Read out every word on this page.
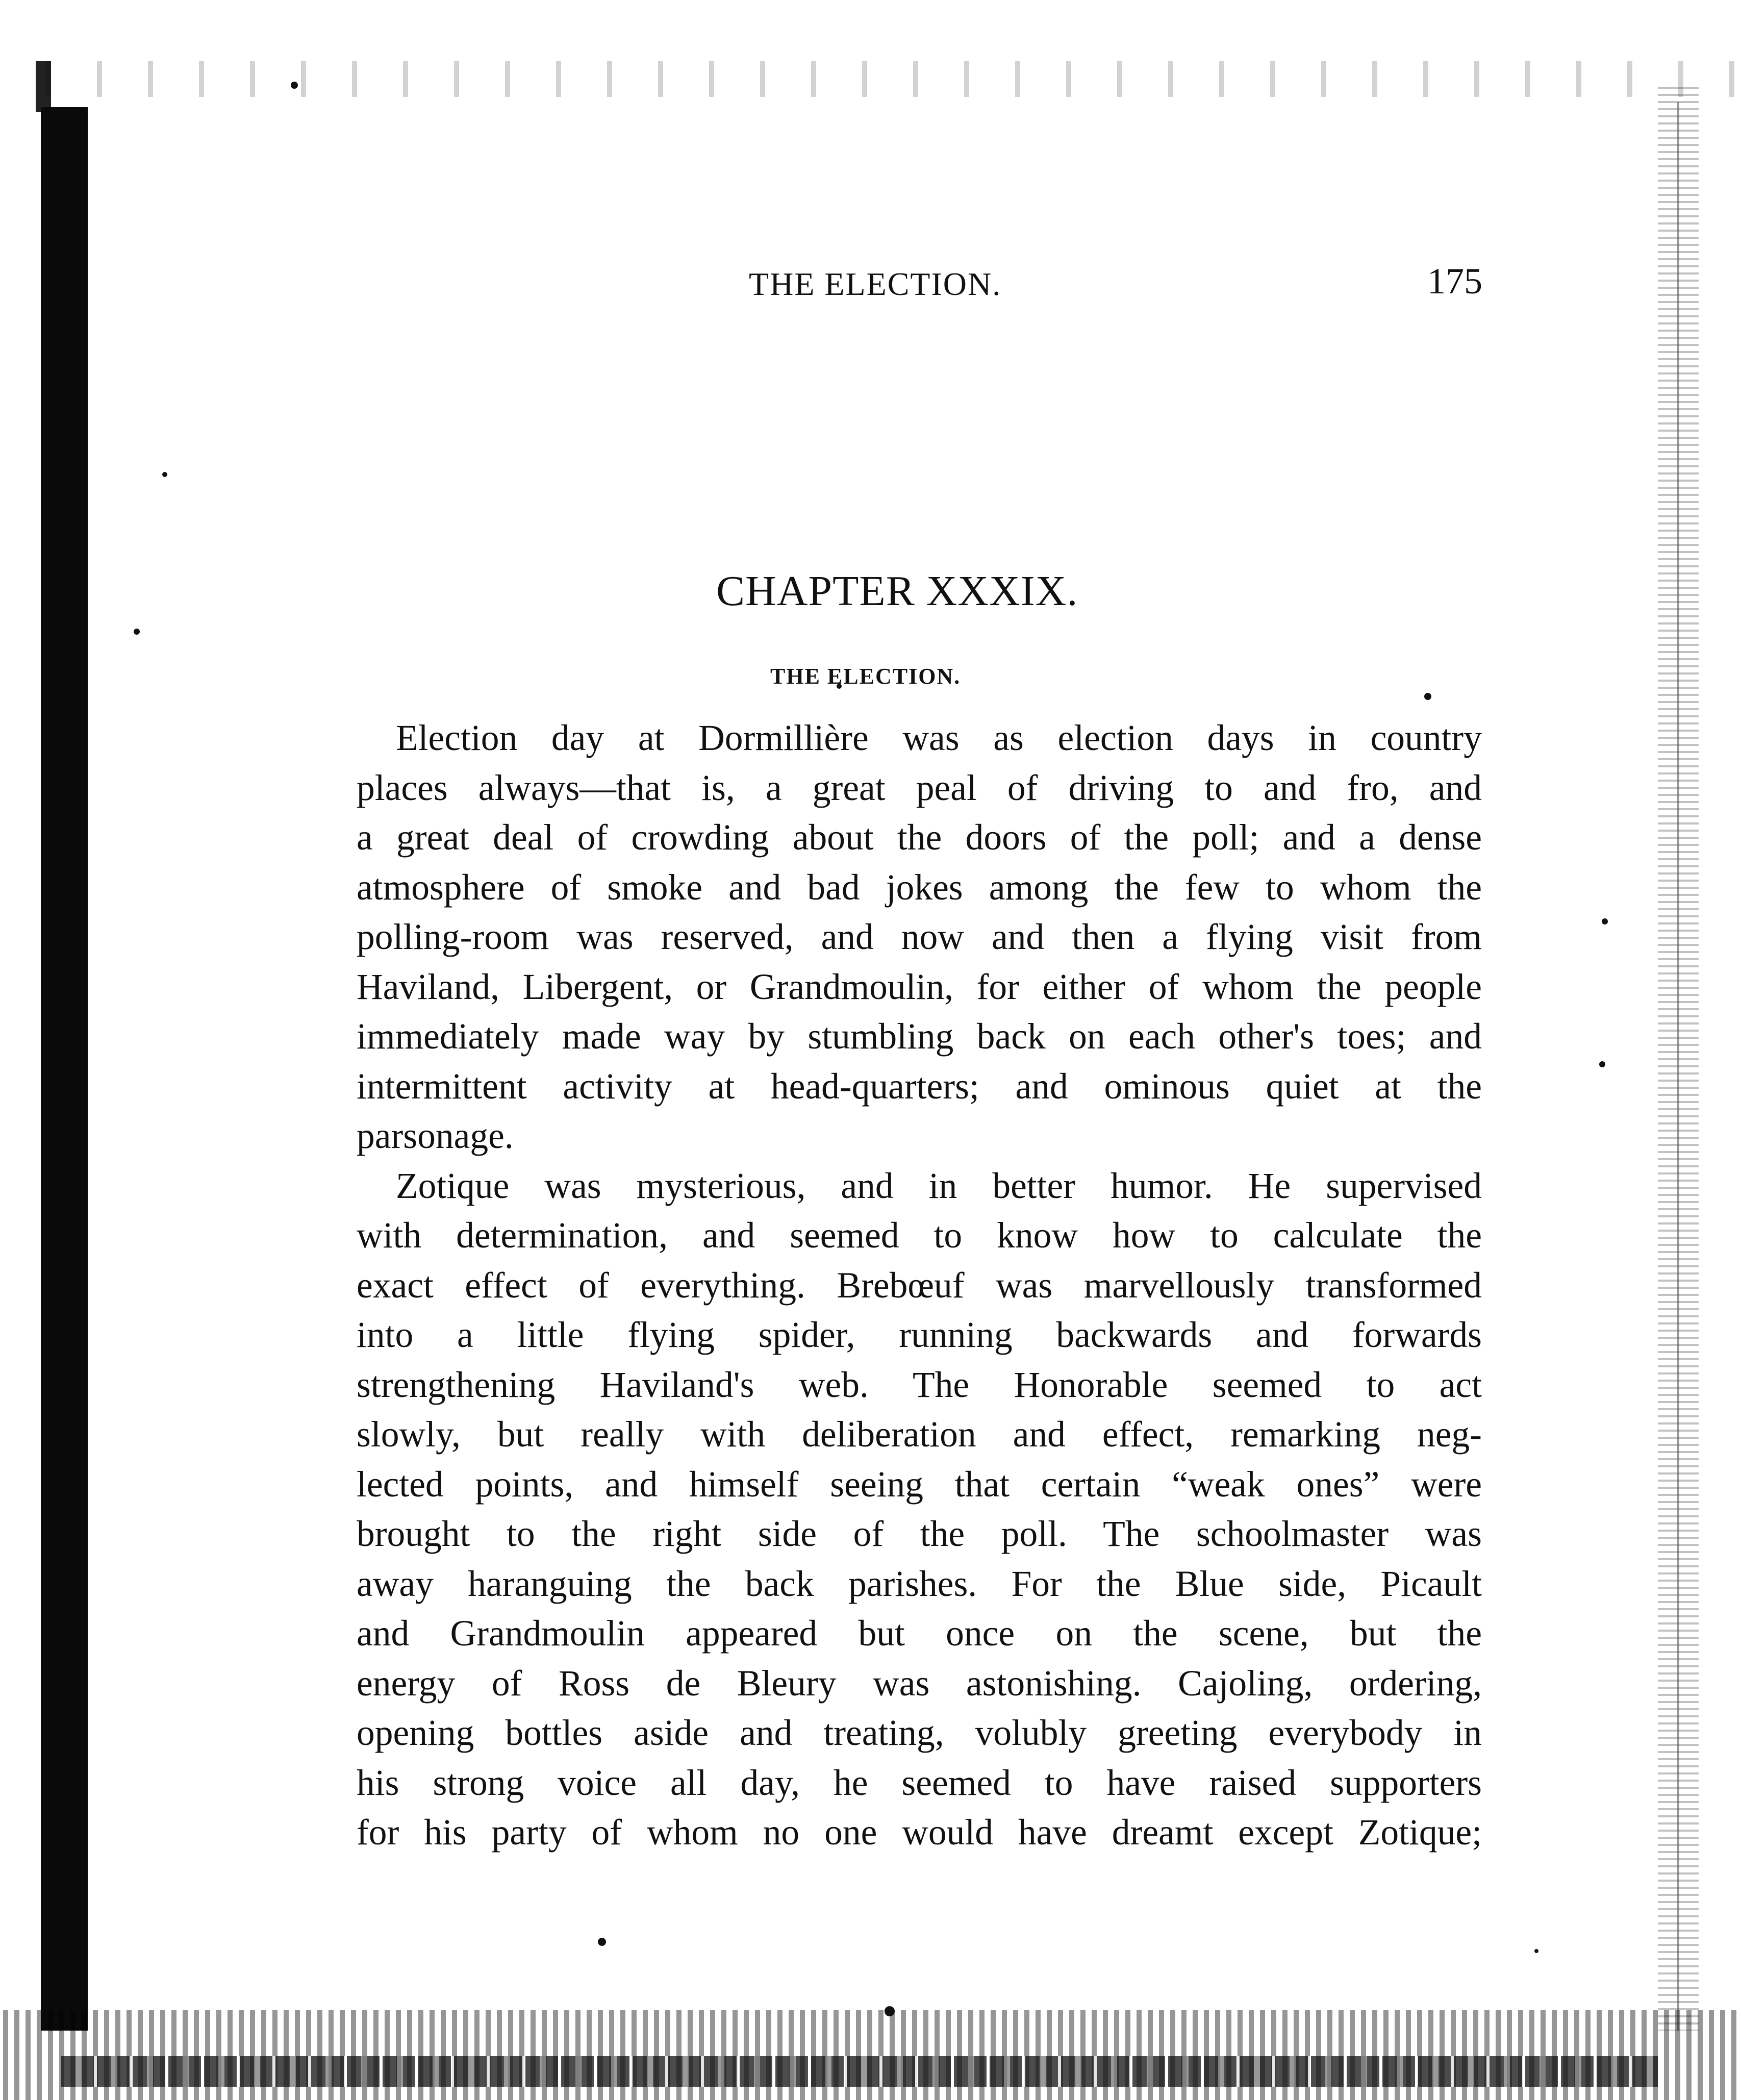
THE ELECTION.	175
CHAPTER XXXIX.
THE ELECTION.
Election day at Dormillière was as election days in country
places always—that is, a great peal of driving to and fro, and
a great deal of crowding about the doors of the poll; and a dense
atmosphere of smoke and bad jokes among the few to whom the
polling-room was reserved, and now and then a flying visit from
Haviland, Libergent, or Grandmoulin, for either of whom the people
immediately made way by stumbling back on each other's toes; and
intermittent activity at head-quarters; and ominous quiet at the
parsonage.
Zotique was mysterious, and in better humor. He supervised
with determination, and seemed to know how to calculate the
exact effect of everything. Brebœuf was marvellously transformed
into a little flying spider, running backwards and forwards
strengthening Haviland's web. The Honorable seemed to act
slowly, but really with deliberation and effect, remarking neg-
lected points, and himself seeing that certain “weak ones” were
brought to the right side of the poll. The schoolmaster was
away haranguing the back parishes. For the Blue side, Picault
and Grandmoulin appeared but once on the scene, but the
energy of Ross de Bleury was astonishing. Cajoling, ordering,
opening bottles aside and treating, volubly greeting everybody in
his strong voice all day, he seemed to have raised supporters
for his party of whom no one would have dreamt except Zotique;
